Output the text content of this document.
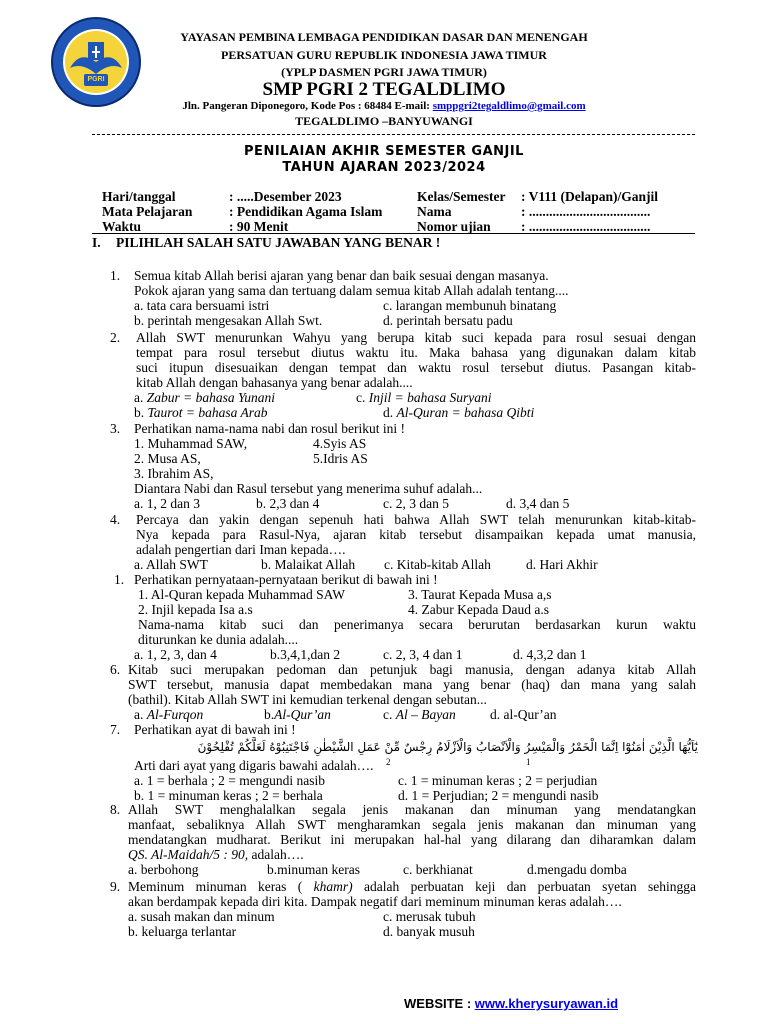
PGRI
YAYASAN PEMBINA LEMBAGA PENDIDIKAN DASAR DAN MENENGAH
PERSATUAN GURU REPUBLIK INDONESIA JAWA TIMUR
(YPLP DASMEN PGRI JAWA TIMUR)
SMP PGRI 2 TEGALDLIMO
Jln. Pangeran Diponegoro, Kode Pos : 68484 E-mail: smppgri2tegaldlimo@gmail.com
TEGALDLIMO –BANYUWANGI
PENILAIAN AKHIR SEMESTER GANJIL
TAHUN AJARAN 2023/2024
Hari/tanggal	: .....Desember 2023	Kelas/Semester : V111 (Delapan)/Ganjil
Mata Pelajaran	: Pendidikan Agama Islam	Nama	: ....................................
Waktu	: 90 Menit	Nomor ujian : ....................................
I. PILIHLAH SALAH SATU JAWABAN YANG BENAR !
1. Semua kitab Allah berisi ajaran yang benar dan baik sesuai dengan masanya.
Pokok ajaran yang sama dan tertuang dalam semua kitab Allah adalah tentang....
a. tata cara bersuami istri	c. larangan membunuh binatang
b. perintah mengesakan Allah Swt.	d. perintah bersatu padu
2. Allah SWT menurunkan Wahyu yang berupa kitab suci kepada para rosul sesuai dengan
tempat para rosul tersebut diutus waktu itu. Maka bahasa yang digunakan dalam kitab
suci itupun disesuaikan dengan tempat dan waktu rosul tersebut diutus. Pasangan kitab-
kitab Allah dengan bahasanya yang benar adalah....
a. Zabur = bahasa Yunani	c. Injil = bahasa Suryani
b. Taurot = bahasa Arab	d. Al-Quran = bahasa Qibti
3. Perhatikan nama-nama nabi dan rosul berikut ini !
1. Muhammad SAW,	4.Syis AS
2. Musa AS,	5.Idris AS
3. Ibrahim AS,
Diantara Nabi dan Rasul tersebut yang menerima suhuf adalah...
a. 1, 2 dan 3	b. 2,3 dan 4	c. 2, 3 dan 5	d. 3,4 dan 5
4. Percaya dan yakin dengan sepenuh hati bahwa Allah SWT telah menurunkan kitab-kitab-
Nya kepada para Rasul-Nya, ajaran kitab tersebut disampaikan kepada umat manusia,
adalah pengertian dari Iman kepada….
a. Allah SWT	b. Malaikat Allah c. Kitab-kitab Allah	d. Hari Akhir
1. Perhatikan pernyataan-pernyataan berikut di bawah ini !
1. Al-Quran kepada Muhammad SAW	3. Taurat Kepada Musa a,s
2. Injil kepada Isa a.s	4. Zabur Kepada Daud a.s
Nama-nama kitab suci dan penerimanya secara berurutan berdasarkan kurun waktu
diturunkan ke dunia adalah....
a. 1, 2, 3, dan 4	b.3,4,1,dan 2	c. 2, 3, 4 dan 1	d. 4,3,2 dan 1
6. Kitab suci merupakan pedoman dan petunjuk bagi manusia, dengan adanya kitab Allah
SWT tersebut, manusia dapat membedakan mana yang benar (haq) dan mana yang salah
(bathil). Kitab Allah SWT ini kemudian terkenal dengan sebutan...
a. Al-Furqon	b.Al-Qur’an	c. Al – Bayan	d. al-Qur’an
7. Perhatikan ayat di bawah ini !
يٰٓاَيُّهَا الَّذِيْنَ اٰمَنُوْٓا اِنَّمَا الْخَمْرُ وَالْمَيْسِرُ وَالْاَنْصَابُ وَالْاَزْلَامُ رِجْسٌ مِّنْ عَمَلِ الشَّيْطٰنِ فَاجْتَنِبُوْهُ لَعَلَّكُمْ تُفْلِحُوْنَ
Arti dari ayat yang digaris bawahi adalah…. 2	1
a. 1 = berhala ; 2 = mengundi nasib	c. 1 = minuman keras ; 2 = perjudian
b. 1 = minuman keras ; 2 = berhala	d. 1 = Perjudian; 2 = mengundi nasib
8. Allah SWT menghalalkan segala jenis makanan dan minuman yang mendatangkan
manfaat, sebaliknya Allah SWT mengharamkan segala jenis makanan dan minuman yang
mendatangkan mudharat. Berikut ini merupakan hal-hal yang dilarang dan diharamkan dalam
QS. Al-Maidah/5 : 90, adalah….
a. berbohong	b.minuman keras	c. berkhianat	d.mengadu domba
9. Meminum minuman keras ( khamr) adalah perbuatan keji dan perbuatan syetan sehingga
akan berdampak kepada diri kita. Dampak negatif dari meminum minuman keras adalah….
a. susah makan dan minum	c. merusak tubuh
b. keluarga terlantar	d. banyak musuh
WEBSITE : www.kherysuryawan.id
